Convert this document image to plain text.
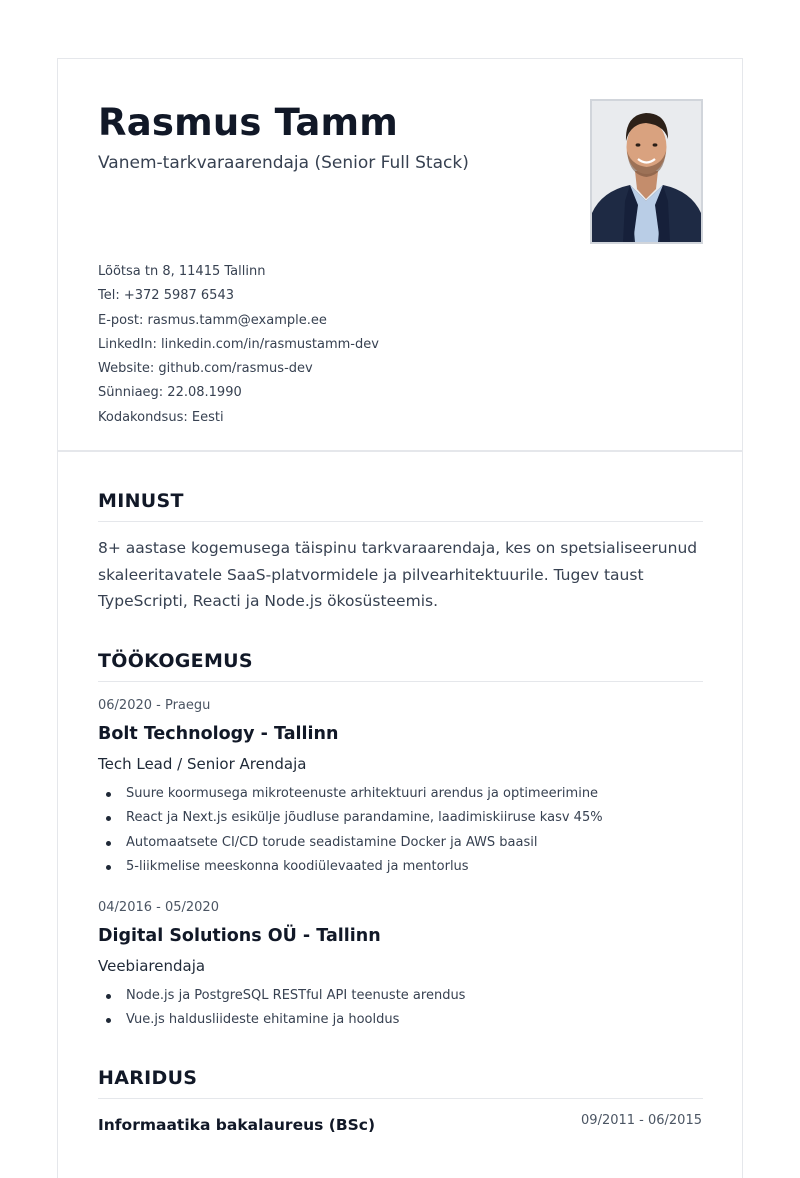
Rasmus Tamm
Vanem-tarkvaraarendaja (Senior Full Stack)
Lõõtsa tn 8, 11415 Tallinn
Tel: +372 5987 6543
E-post: rasmus.tamm@example.ee
LinkedIn: linkedin.com/in/rasmustamm-dev
Website: github.com/rasmus-dev
Sünniaeg: 22.08.1990
Kodakondsus: Eesti
MINUST
8+ aastase kogemusega täispinu tarkvaraarendaja, kes on spetsialiseerunud skaleeritavatele SaaS-platvormidele ja pilvearhitektuurile. Tugev taust TypeScripti, Reacti ja Node.js ökosüsteemis.
TÖÖKOGEMUS
06/2020 - Praegu
Bolt Technology - Tallinn
Tech Lead / Senior Arendaja
Suure koormusega mikroteenuste arhitektuuri arendus ja optimeerimine
React ja Next.js esikülje jõudluse parandamine, laadimiskiiruse kasv 45%
Automaatsete CI/CD torude seadistamine Docker ja AWS baasil
5-liikmelise meeskonna koodiülevaated ja mentorlus
04/2016 - 05/2020
Digital Solutions OÜ - Tallinn
Veebiarendaja
Node.js ja PostgreSQL RESTful API teenuste arendus
Vue.js haldusliideste ehitamine ja hooldus
HARIDUS
Informaatika bakalaureus (BSc)	09/2011 - 06/2015
